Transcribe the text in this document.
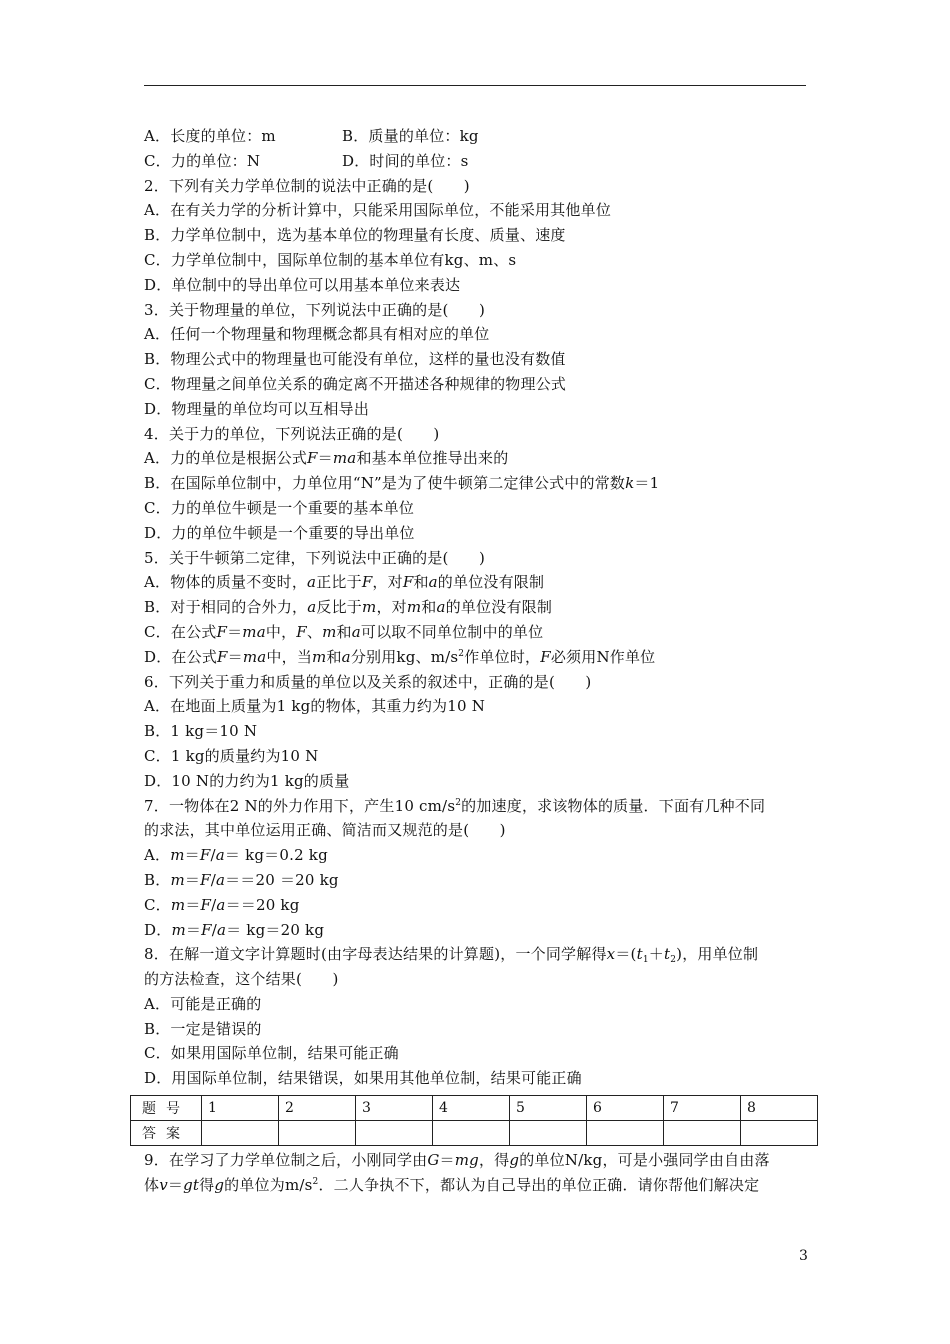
A．长度的单位：m	B．质量的单位：kg
C．力的单位：N	D．时间的单位：s
2．下列有关力学单位制的说法中正确的是(　　)
A．在有关力学的分析计算中，只能采用国际单位，不能采用其他单位
B．力学单位制中，选为基本单位的物理量有长度、质量、速度
C．力学单位制中，国际单位制的基本单位有kg、m、s
D．单位制中的导出单位可以用基本单位来表达
3．关于物理量的单位，下列说法中正确的是(　　)
A．任何一个物理量和物理概念都具有相对应的单位
B．物理公式中的物理量也可能没有单位，这样的量也没有数值
C．物理量之间单位关系的确定离不开描述各种规律的物理公式
D．物理量的单位均可以互相导出
4．关于力的单位，下列说法正确的是(　　)
A．力的单位是根据公式F＝ma和基本单位推导出来的
B．在国际单位制中，力单位用“N”是为了使牛顿第二定律公式中的常数k＝1
C．力的单位牛顿是一个重要的基本单位
D．力的单位牛顿是一个重要的导出单位
5．关于牛顿第二定律，下列说法中正确的是(　　)
A．物体的质量不变时，a正比于F，对F和a的单位没有限制
B．对于相同的合外力，a反比于m，对m和a的单位没有限制
C．在公式F＝ma中，F、m和a可以取不同单位制中的单位
D．在公式F＝ma中，当m和a分别用kg、$m/s^2$作单位时，F必须用N作单位
6．下列关于重力和质量的单位以及关系的叙述中，正确的是(　　)
A．在地面上质量为1 kg的物体，其重力约为10 N
B．1 kg＝10 N
C．1 kg的质量约为10 N
D．10 N的力约为1 kg的质量
7．一物体在2 N的外力作用下，产生10 $cm/s^2$的加速度，求该物体的质量．下面有几种不同
的求法，其中单位运用正确、简洁而又规范的是(　　)
A．m＝F/a＝ kg＝0.2 kg
B．m＝F/a＝＝20 ＝20 kg
C．m＝F/a＝＝20 kg
D．m＝F/a＝ kg＝20 kg
8．在解一道文字计算题时(由字母表达结果的计算题)，一个同学解得$x=(t_1+t_2)$，用单位制
的方法检查，这个结果(　　)
A．可能是正确的
B．一定是错误的
C．如果用国际单位制，结果可能正确
D．用国际单位制，结果错误，如果用其他单位制，结果可能正确
题号	1	2	3	4	5	6	7	8
答案								
9．在学习了力学单位制之后，小刚同学由G＝mg，得g的单位N/kg，可是小强同学由自由落
体v＝gt得g的单位为$m/s^2$．二人争执不下，都认为自己导出的单位正确．请你帮他们解决定
3
